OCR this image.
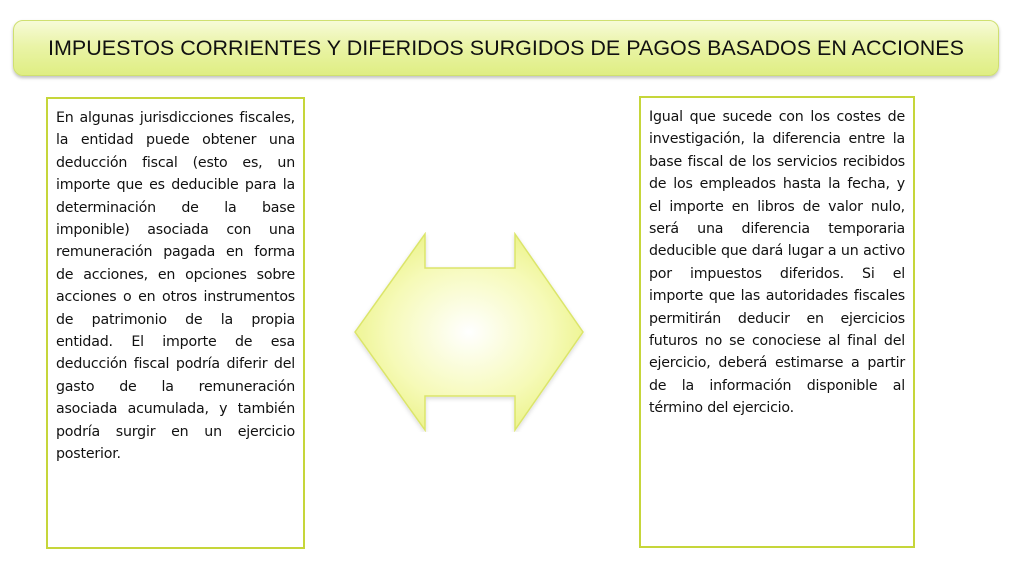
IMPUESTOS CORRIENTES Y DIFERIDOS SURGIDOS DE PAGOS BASADOS EN ACCIONES
En algunas jurisdicciones fiscales, la entidad puede obtener una deducción fiscal (esto es, un importe que es deducible para la determinación de la base imponible) asociada con una remuneración pagada en forma de acciones, en opciones sobre acciones o en otros instrumentos de patrimonio de la propia entidad. El importe de esa deducción fiscal podría diferir del gasto de la remuneración asociada acumulada, y también podría surgir en un ejercicio posterior.
Igual que sucede con los costes de investigación, la diferencia entre la base fiscal de los servicios recibidos de los empleados hasta la fecha, y el importe en libros de valor nulo, será una diferencia temporaria deducible que dará lugar a un activo por impuestos diferidos. Si el importe que las autoridades fiscales permitirán deducir en ejercicios futuros no se conociese al final del ejercicio, deberá estimarse a partir de la información disponible al término del ejercicio.
